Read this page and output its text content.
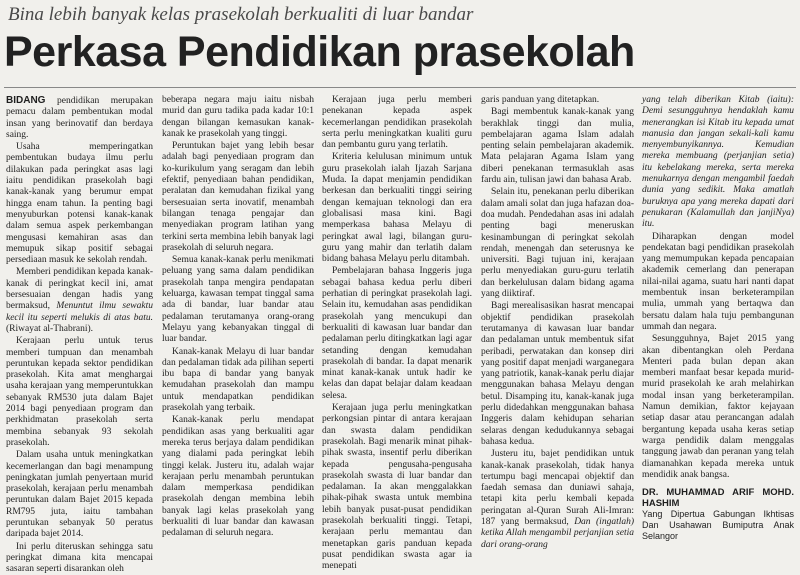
Bina lebih banyak kelas prasekolah berkualiti di luar bandar
Perkasa Pendidikan prasekolah

BIDANG pendidikan merupakan pemacu dalam pembentukan modal insan yang berinovatif dan berdaya saing.

Usaha memperingatkan pembentukan budaya ilmu perlu dilakukan pada peringkat asas lagi iaitu pendidikan prasekolah bagi kanak-kanak yang berumur empat hingga enam tahun. Ia penting bagi menyuburkan potensi kanak-kanak dalam semua aspek perkembangan mengusasi kemahiran asas dan memupuk sikap positif sebagai persediaan masuk ke sekolah rendah.

Memberi pendidikan kepada kanak-kanak di peringkat kecil ini, amat bersesuaian dengan hadis yang bermaksud, Menuntut ilmu sewaktu kecil itu seperti melukis di atas batu. (Riwayat al-Thabrani).

Kerajaan perlu untuk terus memberi tumpuan dan menambah peruntukan kepada sektor pendidikan prasekolah. Kita amat menghargai usaha kerajaan yang memperuntukkan sebanyak RM530 juta dalam Bajet 2014 bagi penyediaan program dan perkhidmatan prasekolah serta membina sebanyak 93 sekolah prasekolah.

Dalam usaha untuk meningkatkan kecemerlangan dan bagi menampung peningkatan jumlah penyertaan murid prasekolah, kerajaan perlu menambah peruntukan dalam Bajet 2015 kepada RM795 juta, iaitu tambahan peruntukan sebanyak 50 peratus daripada bajet 2014.

Ini perlu diteruskan sehingga satu peringkat dimana kita mencapai sasaran seperti disarankan oleh

beberapa negara maju iaitu nisbah murid dan guru tadika pada kadar 10:1 dengan bilangan kemasukan kanak-kanak ke prasekolah yang tinggi.

Peruntukan bajet yang lebih besar adalah bagi penyediaan program dan ko-kurikulum yang seragam dan lebih efektif, penyediaan bahan pendidikan, peralatan dan kemudahan fizikal yang bersesuaian serta inovatif, menambah bilangan tenaga pengajar dan menyediakan program latihan yang terkini serta membina lebih banyak lagi prasekolah di seluruh negara.

Semua kanak-kanak perlu menikmati peluang yang sama dalam pendidikan prasekolah tanpa mengira pendapatan keluarga, kawasan tempat tinggal sama ada di bandar, luar bandar atau pedalaman terutamanya orang-orang Melayu yang kebanyakan tinggal di luar bandar.

Kanak-kanak Melayu di luar bandar dan pedalaman tidak ada pilihan seperti ibu bapa di bandar yang banyak kemudahan prasekolah dan mampu untuk mendapatkan pendidikan prasekolah yang terbaik.

Kanak-kanak perlu mendapat pendidikan asas yang berkualiti agar mereka terus berjaya dalam pendidikan yang dialami pada peringkat lebih tinggi kelak. Justeru itu, adalah wajar kerajaan perlu menambah peruntukan dalam memperkasa pendidikan prasekolah dengan membina lebih banyak lagi kelas prasekolah yang berkualiti di luar bandar dan kawasan pedalaman di seluruh negara.

Kerajaan juga perlu memberi penekanan kepada aspek kecemerlangan pendidikan prasekolah serta perlu meningkatkan kualiti guru dan pembantu guru yang terlatih.

Kriteria kelulusan minimum untuk guru prasekolah ialah Ijazah Sarjana Muda. Ia dapat menjamin pendidikan berkesan dan berkualiti tinggi seiring dengan kemajuan teknologi dan era globalisasi masa kini. Bagi memperkasa bahasa Melayu di peringkat awal lagi, bilangan guru-guru yang mahir dan terlatih dalam bidang bahasa Melayu perlu ditambah.

Pembelajaran bahasa Inggeris juga sebagai bahasa kedua perlu diberi perhatian di peringkat prasekolah lagi. Selain itu, kemudahan asas pendidikan prasekolah yang mencukupi dan berkualiti di kawasan luar bandar dan pedalaman perlu ditingkatkan lagi agar setanding dengan kemudahan prasekolah di bandar. Ia dapat menarik minat kanak-kanak untuk hadir ke kelas dan dapat belajar dalam keadaan selesa.

Kerajaan juga perlu meningkatkan perkongsian pintar di antara kerajaan dan swasta dalam pendidikan prasekolah. Bagi menarik minat pihak-pihak swasta, insentif perlu diberikan kepada pengusaha-pengusaha prasekolah swasta di luar bandar dan pedalaman. Ia akan menggalakkan pihak-pihak swasta untuk membina lebih banyak pusat-pusat pendidikan prasekolah berkualiti tinggi. Tetapi, kerajaan perlu memantau dan menetapkan garis panduan kepada pusat pendidikan swasta agar ia menepati

garis panduan yang ditetapkan.

Bagi membentuk kanak-kanak yang berakhlak tinggi dan mulia, pembelajaran agama Islam adalah penting selain pembelajaran akademik. Mata pelajaran Agama Islam yang diberi penekanan termasuklah asas fardu ain, tulisan jawi dan bahasa Arab.

Selain itu, penekanan perlu diberikan dalam amali solat dan juga hafazan doa-doa mudah. Pendedahan asas ini adalah penting bagi meneruskan kesinambungan di peringkat sekolah rendah, menengah dan seterusnya ke universiti. Bagi tujuan ini, kerajaan perlu menyediakan guru-guru terlatih dan berkelulusan dalam bidang agama yang diiktiraf.

Bagi merealisasikan hasrat mencapai objektif pendidikan prasekolah terutamanya di kawasan luar bandar dan pedalaman untuk membentuk sifat peribadi, perwatakan dan konsep diri yang positif dapat menjadi warganegara yang patriotik, kanak-kanak perlu diajar menggunakan bahasa Melayu dengan betul. Disamping itu, kanak-kanak juga perlu didedahkan menggunakan bahasa Inggeris dalam kehidupan seharian selaras dengan kedudukannya sebagai bahasa kedua.

Justeru itu, bajet pendidikan untuk kanak-kanak prasekolah, tidak hanya tertumpu bagi mencapai objektif dan faedah semasa dan duniawi sahaja, tetapi kita perlu kembali kepada peringatan al-Quran Surah Ali-Imran: 187 yang bermaksud, Dan (ingatlah) ketika Allah mengambil perjanjian setia dari orang-orang

yang telah diberikan Kitab (iaitu): Demi sesungguhnya hendaklah kamu menerangkan isi Kitab itu kepada umat manusia dan jangan sekali-kali kamu menyembunyikannya. Kemudian mereka membuang (perjanjian setia) itu kebelakang mereka, serta mereka menukarnya dengan mengambil faedah dunia yang sedikit. Maka amatlah buruknya apa yang mereka dapati dari penukaran (Kalamullah dan janjiNya) itu.

Diharapkan dengan model pendekatan bagi pendidikan prasekolah yang memumpukan kepada pencapaian akademik cemerlang dan penerapan nilai-nilai agama, suatu hari nanti dapat membentuk insan berketerampilan mulia, ummah yang bertaqwa dan bersatu dalam hala tuju pembangunan ummah dan negara.

Sesungguhnya, Bajet 2015 yang akan dibentangkan oleh Perdana Menteri pada bulan depan akan memberi manfaat besar kepada murid-murid prasekolah ke arah melahirkan modal insan yang berketerampilan. Namun demikian, faktor kejayaan setiap dasar atau perancangan adalah bergantung kepada usaha keras setiap warga pendidik dalam menggalas tanggung jawab dan peranan yang telah diamanahkan kepada mereka untuk mendidik anak bangsa.

DR. MUHAMMAD ARIF MOHD. HASHIM
Yang Dipertua Gabungan Ikhtisas Dan Usahawan Bumiputra Anak Selangor
